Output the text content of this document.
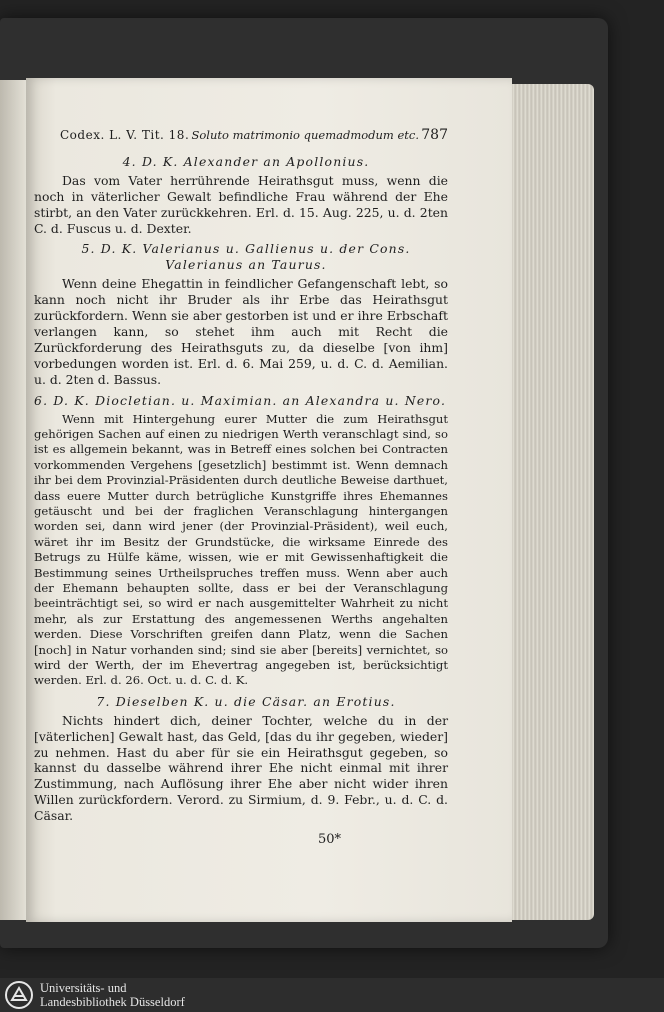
Codex. L. V. Tit. 18. Soluto matrimonio quemadmodum etc. 787
4. D. K. Alexander an Apollonius.

Das vom Vater herrührende Heirathsgut muss, wenn die noch in väterlicher Gewalt befindliche Frau während der Ehe stirbt, an den Vater zurückkehren. Erl. d. 15. Aug. 225, u. d. 2ten C. d. Fuscus u. d. Dexter.

5. D. K. Valerianus u. Gallienus u. der Cons. Valerianus an Taurus.

Wenn deine Ehegattin in feindlicher Gefangenschaft lebt, so kann noch nicht ihr Bruder als ihr Erbe das Heirathsgut zurückfordern. Wenn sie aber gestorben ist und er ihre Erbschaft verlangen kann, so stehet ihm auch mit Recht die Zurückforderung des Heirathsguts zu, da dieselbe [von ihm] vorbedungen worden ist. Erl. d. 6. Mai 259, u. d. C. d. Aemilian. u. d. 2ten d. Bassus.

6. D. K. Diocletian. u. Maximian. an Alexandra u. Nero.

Wenn mit Hintergehung eurer Mutter die zum Heirathsgut gehörigen Sachen auf einen zu niedrigen Werth veranschlagt sind, so ist es allgemein bekannt, was in Betreff eines solchen bei Contracten vorkommenden Vergehens [gesetzlich] bestimmt ist. Wenn demnach ihr bei dem Provinzial-Präsidenten durch deutliche Beweise darthuet, dass euere Mutter durch betrügliche Kunstgriffe ihres Ehemannes getäuscht und bei der fraglichen Veranschlagung hintergangen worden sei, dann wird jener (der Provinzial-Präsident), weil euch, wäret ihr im Besitz der Grundstücke, die wirksame Einrede des Betrugs zu Hülfe käme, wissen, wie er mit Gewissenhaftigkeit die Bestimmung seines Urtheilspruches treffen muss. Wenn aber auch der Ehemann behaupten sollte, dass er bei der Veranschlagung beeinträchtigt sei, so wird er nach ausgemittelter Wahrheit zu nicht mehr, als zur Erstattung des angemessenen Werths angehalten werden. Diese Vorschriften greifen dann Platz, wenn die Sachen [noch] in Natur vorhanden sind; sind sie aber [bereits] vernichtet, so wird der Werth, der im Ehevertrag angegeben ist, berücksichtigt werden. Erl. d. 26. Oct. u. d. C. d. K.

7. Dieselben K. u. die Cäsar. an Erotius.

Nichts hindert dich, deiner Tochter, welche du in der [väterlichen] Gewalt hast, das Geld, [das du ihr gegeben, wieder] zu nehmen. Hast du aber für sie ein Heirathsgut gegeben, so kannst du dasselbe während ihrer Ehe nicht einmal mit ihrer Zustimmung, nach Auflösung ihrer Ehe aber nicht wider ihren Willen zurückfordern. Verord. zu Sirmium, d. 9. Febr., u. d. C. d. Cäsar.

50*
Universitäts- und
Landesbibliothek Düsseldorf
